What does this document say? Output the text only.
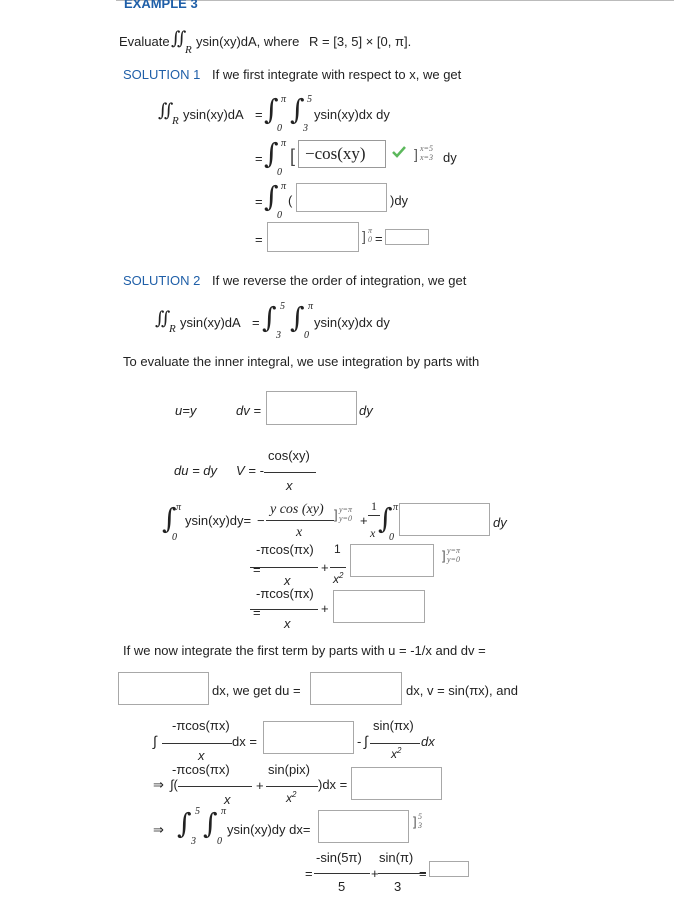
EXAMPLE 3
Evaluate ∬
R
ysin(xy)dA, where R = [3, 5] × [0, π].
SOLUTION 1 If we first integrate with respect to x, we get
∬
R ysin(xy)dA = ∫ π
0
∫ 5
3
ysin(xy)dx dy
= ∫ π
0
[ −cos(xy)	] x=5
x=3 dy
= ∫ π
0
(	)dy
=	] π
0 =
SOLUTION 2 If we reverse the order of integration, we get
∬
R ysin(xy)dA = ∫ 5
3
∫ π
0
ysin(xy)dx dy
To evaluate the inner integral, we use integration by parts with
u=y	dv =	dy
du = dy V = -
cos(xy)
x
∫ π
0
ysin(xy)dy= −
y cos (xy)
x
] y=π
y=0 +
1
x ∫ π
0
dy
=
-πcos(πx)
x
+
1
$x^2$
] y=π
y=0
=
-πcos(πx)
x
+
If we now integrate the first term by parts with u = -1/x and dv =
dx, we get du =	dx, v = sin(πx), and
∫
-πcos(πx)
x
dx =	- ∫
sin(πx)
$x^2$
dx
⇒ ∫(
-πcos(πx)
x
+
sin(pix)
$x^2$
)dx =
⇒ ∫ 5
3
∫ π
0
ysin(xy)dy dx=
] 5
3
=
-sin(5π)
5
+
sin(π)
3
=
